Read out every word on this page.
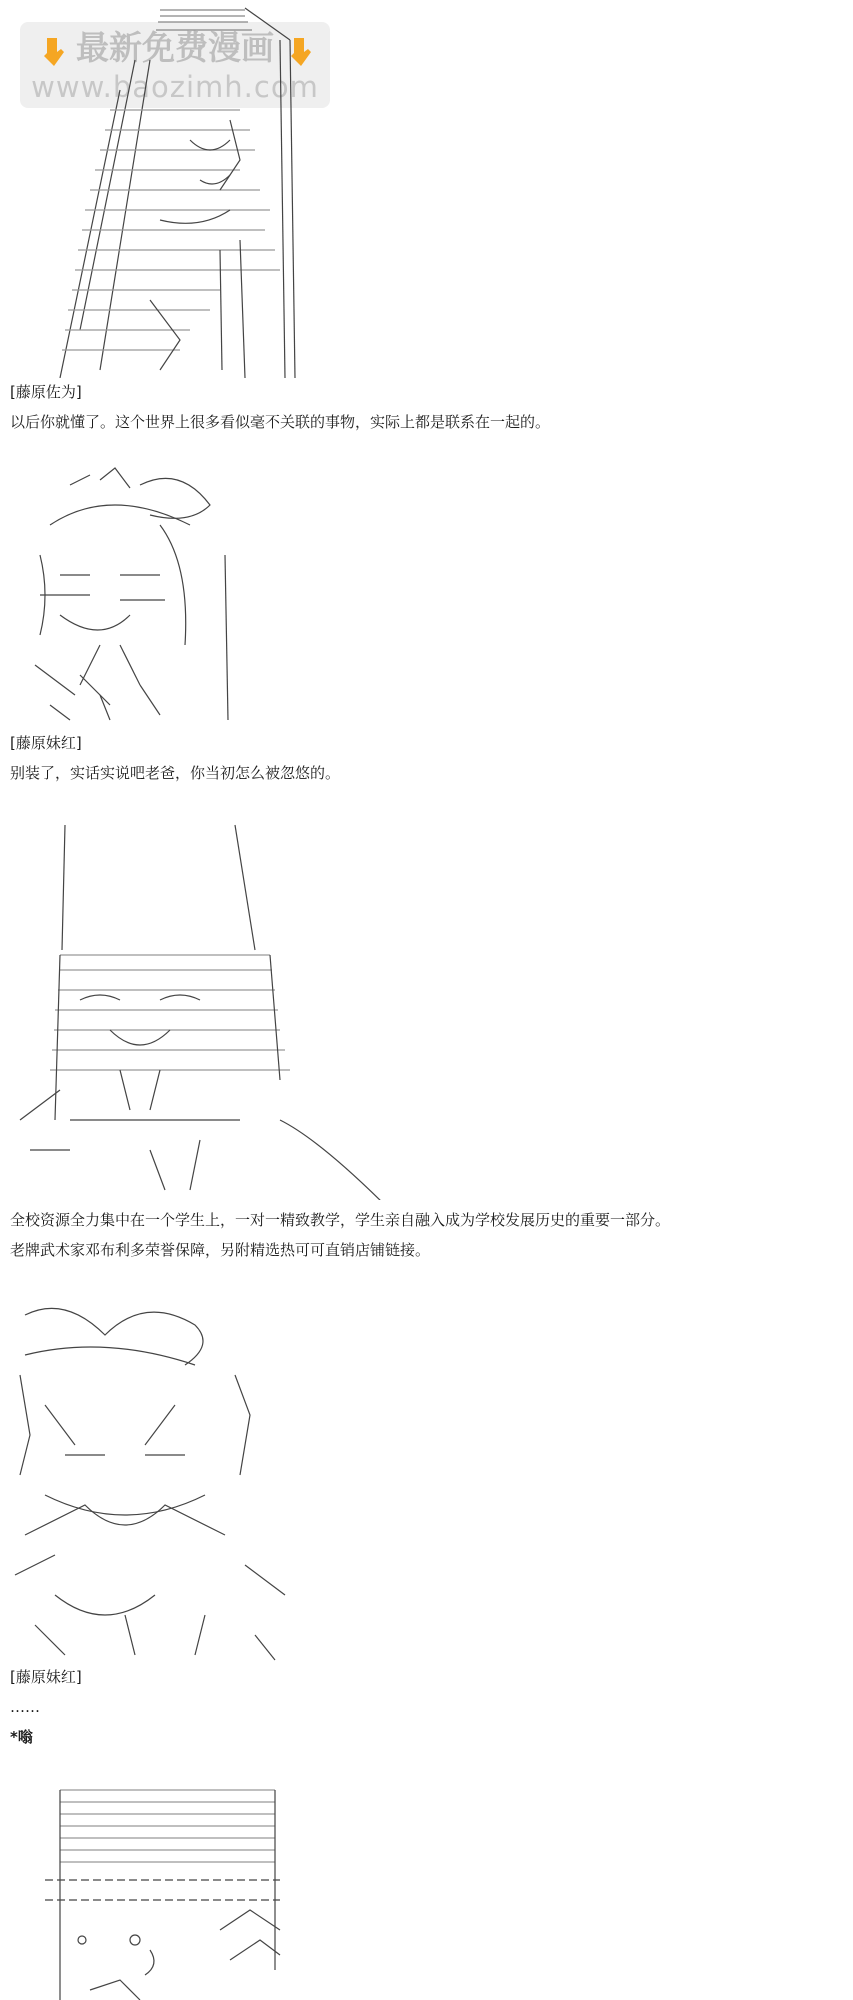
最新免费漫画
www.baozimh.com
[藤原佐为]
以后你就懂了。这个世界上很多看似毫不关联的事物，实际上都是联系在一起的。
[藤原妹红]
别装了，实话实说吧老爸，你当初怎么被忽悠的。
全校资源全力集中在一个学生上，一对一精致教学，学生亲自融入成为学校发展历史的重要一部分。
老牌武术家邓布利多荣誉保障，另附精选热可可直销店铺链接。
[藤原妹红]
……
*嗡
